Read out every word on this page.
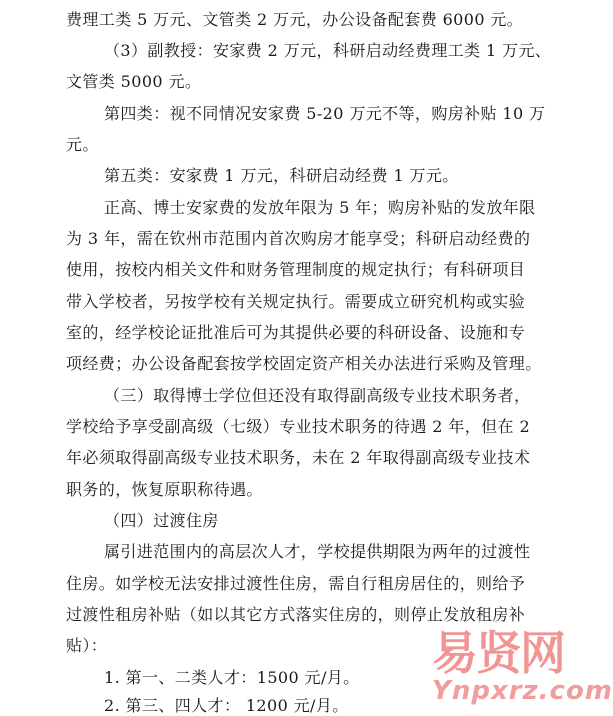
费理工类 5 万元、文管类 2 万元，办公设备配套费 6000 元。
（3）副教授：安家费 2 万元，科研启动经费理工类 1 万元、
文管类 5000 元。
第四类：视不同情况安家费 5-20 万元不等，购房补贴 10 万
元。
第五类：安家费 1 万元，科研启动经费 1 万元。
正高、博士安家费的发放年限为 5 年；购房补贴的发放年限
为 3 年，需在钦州市范围内首次购房才能享受；科研启动经费的
使用，按校内相关文件和财务管理制度的规定执行；有科研项目
带入学校者，另按学校有关规定执行。需要成立研究机构或实验
室的，经学校论证批准后可为其提供必要的科研设备、设施和专
项经费；办公设备配套按学校固定资产相关办法进行采购及管理。
（三）取得博士学位但还没有取得副高级专业技术职务者，
学校给予享受副高级（七级）专业技术职务的待遇 2 年，但在 2
年必须取得副高级专业技术职务，未在 2 年取得副高级专业技术
职务的，恢复原职称待遇。
（四）过渡住房
属引进范围内的高层次人才，学校提供期限为两年的过渡性
住房。如学校无法安排过渡性住房，需自行租房居住的，则给予
过渡性租房补贴（如以其它方式落实住房的，则停止发放租房补
贴）：
1. 第一、二类人才：1500 元/月。
2. 第三、四人才： 1200 元/月。
易贤网
Ynpxrz.com
